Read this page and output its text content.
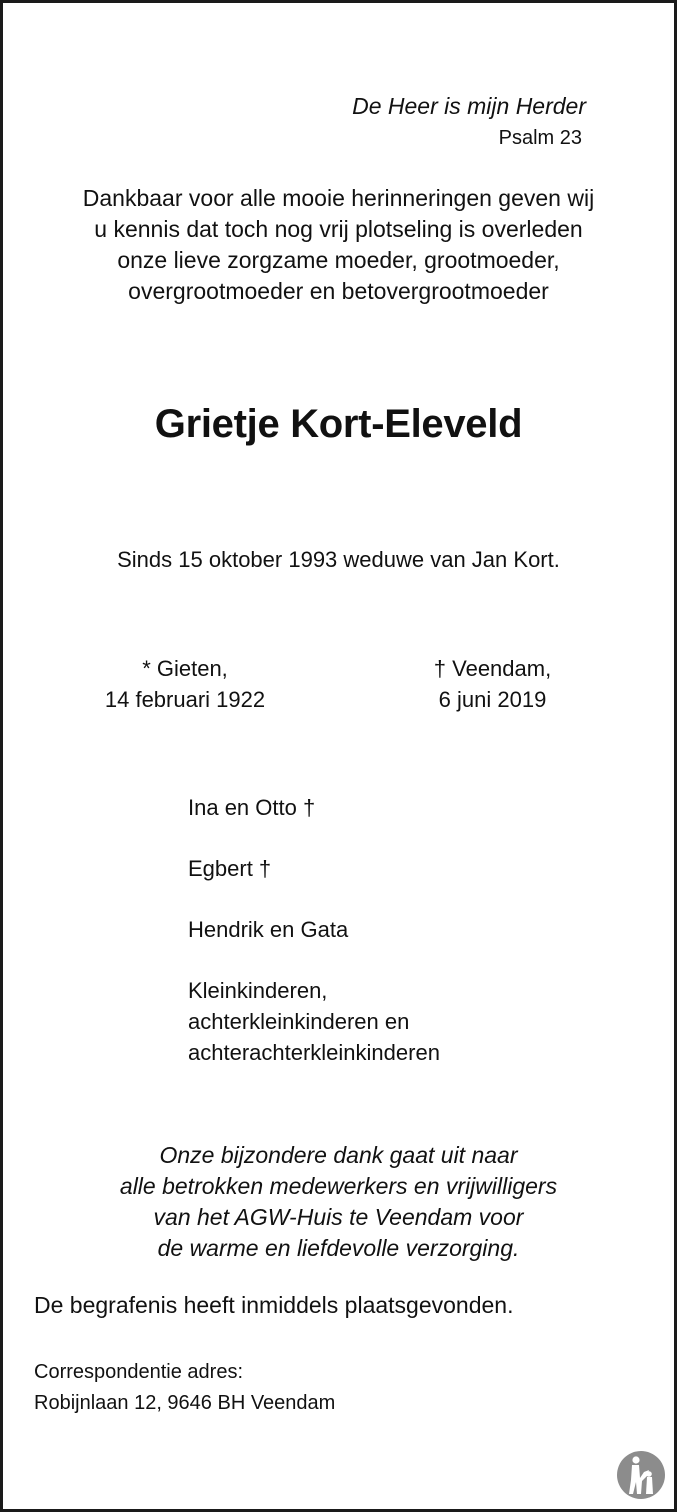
De Heer is mijn Herder
Psalm 23
Dankbaar voor alle mooie herinneringen geven wij
u kennis dat toch nog vrij plotseling is overleden
onze lieve zorgzame moeder, grootmoeder,
overgrootmoeder en betovergrootmoeder
Grietje Kort-Eleveld
Sinds 15 oktober 1993 weduwe van Jan Kort.
* Gieten,
14 februari 1922
† Veendam,
6 juni 2019
Ina en Otto †
Egbert †
Hendrik en Gata
Kleinkinderen,
achterkleinkinderen en
achterachterkleinkinderen
Onze bijzondere dank gaat uit naar
alle betrokken medewerkers en vrijwilligers
van het AGW-Huis te Veendam voor
de warme en liefdevolle verzorging.
De begrafenis heeft inmiddels plaatsgevonden.
Correspondentie adres:
Robijnlaan 12, 9646 BH Veendam
